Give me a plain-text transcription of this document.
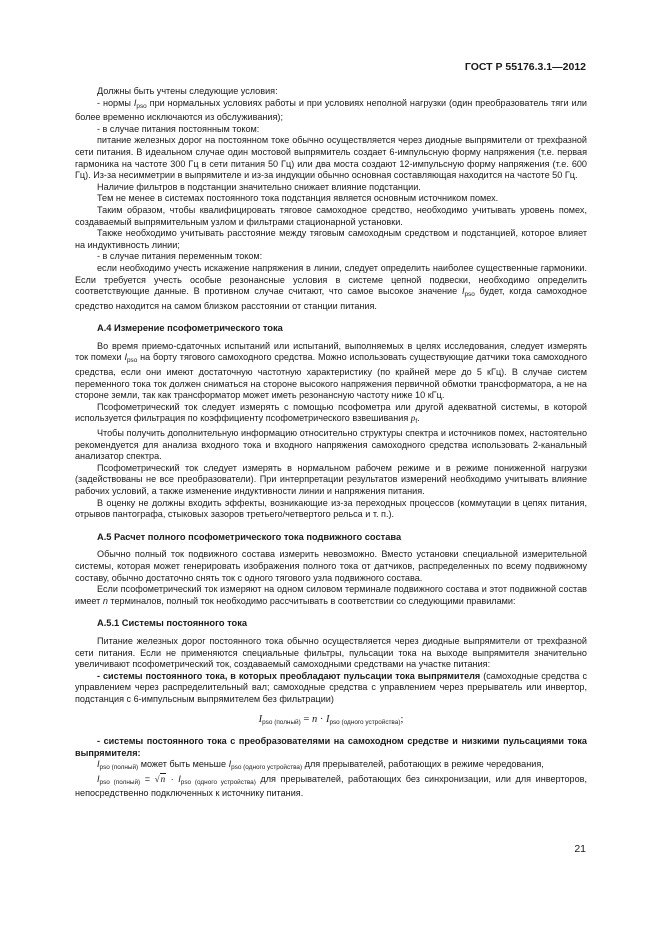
ГОСТ Р 55176.3.1—2012

Должны быть учтены следующие условия:

- нормы $I_{pso}$ при нормальных условиях работы и при условиях неполной нагрузки (один преобразователь тяги или более временно исключаются из обслуживания);

- в случае питания постоянным током:

питание железных дорог на постоянном токе обычно осуществляется через диодные выпрямители от трехфазной сети питания. В идеальном случае один мостовой выпрямитель создает 6-импульсную форму напряжения (т.е. первая гармоника на частоте 300 Гц в сети питания 50 Гц) или два моста создают 12-импульсную форму напряжения (т.е. 600 Гц). Из-за несимметрии в выпрямителе и из-за индукции обычно основная составляющая находится на частоте 50 Гц.

Наличие фильтров в подстанции значительно снижает влияние подстанции.

Тем не менее в системах постоянного тока подстанция является основным источником помех.

Таким образом, чтобы квалифицировать тяговое самоходное средство, необходимо учитывать уровень помех, создаваемый выпрямительным узлом и фильтрами стационарной установки.

Также необходимо учитывать расстояние между тяговым самоходным средством и подстанцией, которое влияет на индуктивность линии;

- в случае питания переменным током:

если необходимо учесть искажение напряжения в линии, следует определить наиболее существенные гармоники. Если требуется учесть особые резонансные условия в системе цепной подвески, необходимо определить соответствующие данные. В противном случае считают, что самое высокое значение $I_{pso}$ будет, когда самоходное средство находится на самом близком расстоянии от станции питания.

А.4 Измерение псофометрического тока

Во время приемо-сдаточных испытаний или испытаний, выполняемых в целях исследования, следует измерять ток помехи $I_{pso}$ на борту тягового самоходного средства. Можно использовать существующие датчики тока самоходного средства, если они имеют достаточную частотную характеристику (по крайней мере до 5 кГц). В случае систем переменного тока ток должен сниматься на стороне высокого напряжения первичной обмотки трансформатора, а не на стороне земли, так как трансформатор может иметь резонансную частоту ниже 10 кГц.

Псофометрический ток следует измерять с помощью псофометра или другой адекватной системы, в которой используется фильтрация по коэффициенту псофометрического взвешивания $p_f$.

Чтобы получить дополнительную информацию относительно структуры спектра и источников помех, настоятельно рекомендуется для анализа входного тока и входного напряжения самоходного средства использовать 2-канальный анализатор спектра.

Псофометрический ток следует измерять в нормальном рабочем режиме и в режиме пониженной нагрузки (задействованы не все преобразователи). При интерпретации результатов измерений необходимо учитывать влияние рабочих условий, а также изменение индуктивности линии и напряжения питания.

В оценку не должны входить эффекты, возникающие из-за переходных процессов (коммутации в цепях питания, отрывов пантографа, стыковых зазоров третьего/четвертого рельса и т. п.).

А.5 Расчет полного псофометрического тока подвижного состава

Обычно полный ток подвижного состава измерить невозможно. Вместо установки специальной измерительной системы, которая может генерировать изображения полного тока от датчиков, распределенных по всему подвижному составу, обычно достаточно снять ток с одного тягового узла подвижного состава.

Если псофометрический ток измеряют на одном силовом терминале подвижного состава и этот подвижной состав имеет n терминалов, полный ток необходимо рассчитывать в соответствии со следующими правилами:

А.5.1 Системы постоянного тока

Питание железных дорог постоянного тока обычно осуществляется через диодные выпрямители от трехфазной сети питания. Если не применяются специальные фильтры, пульсации тока на выходе выпрямителя значительно увеличивают псофометрический ток, создаваемый самоходными средствами на участке питания:

- системы постоянного тока, в которых преобладают пульсации тока выпрямителя (самоходные средства с управлением через распределительный вал; самоходные средства с управлением через прерыватель или инвертор, подстанция с 6-импульсным выпрямителем без фильтрации)

$I_{pso (полный)} = n \cdot I_{pso (одного устройства)}$;

- системы постоянного тока с преобразователями на самоходном средстве и низкими пульсациями тока выпрямителя:

$I_{pso (полный)}$ может быть меньше $I_{pso (одного устройства)}$ для прерывателей, работающих в режиме чередования,

$I_{pso (полный)} = √n \cdot I_{pso (одного устройства)}$ для прерывателей, работающих без синхронизации, или для инверторов, непосредственно подключенных к источнику питания.

21
